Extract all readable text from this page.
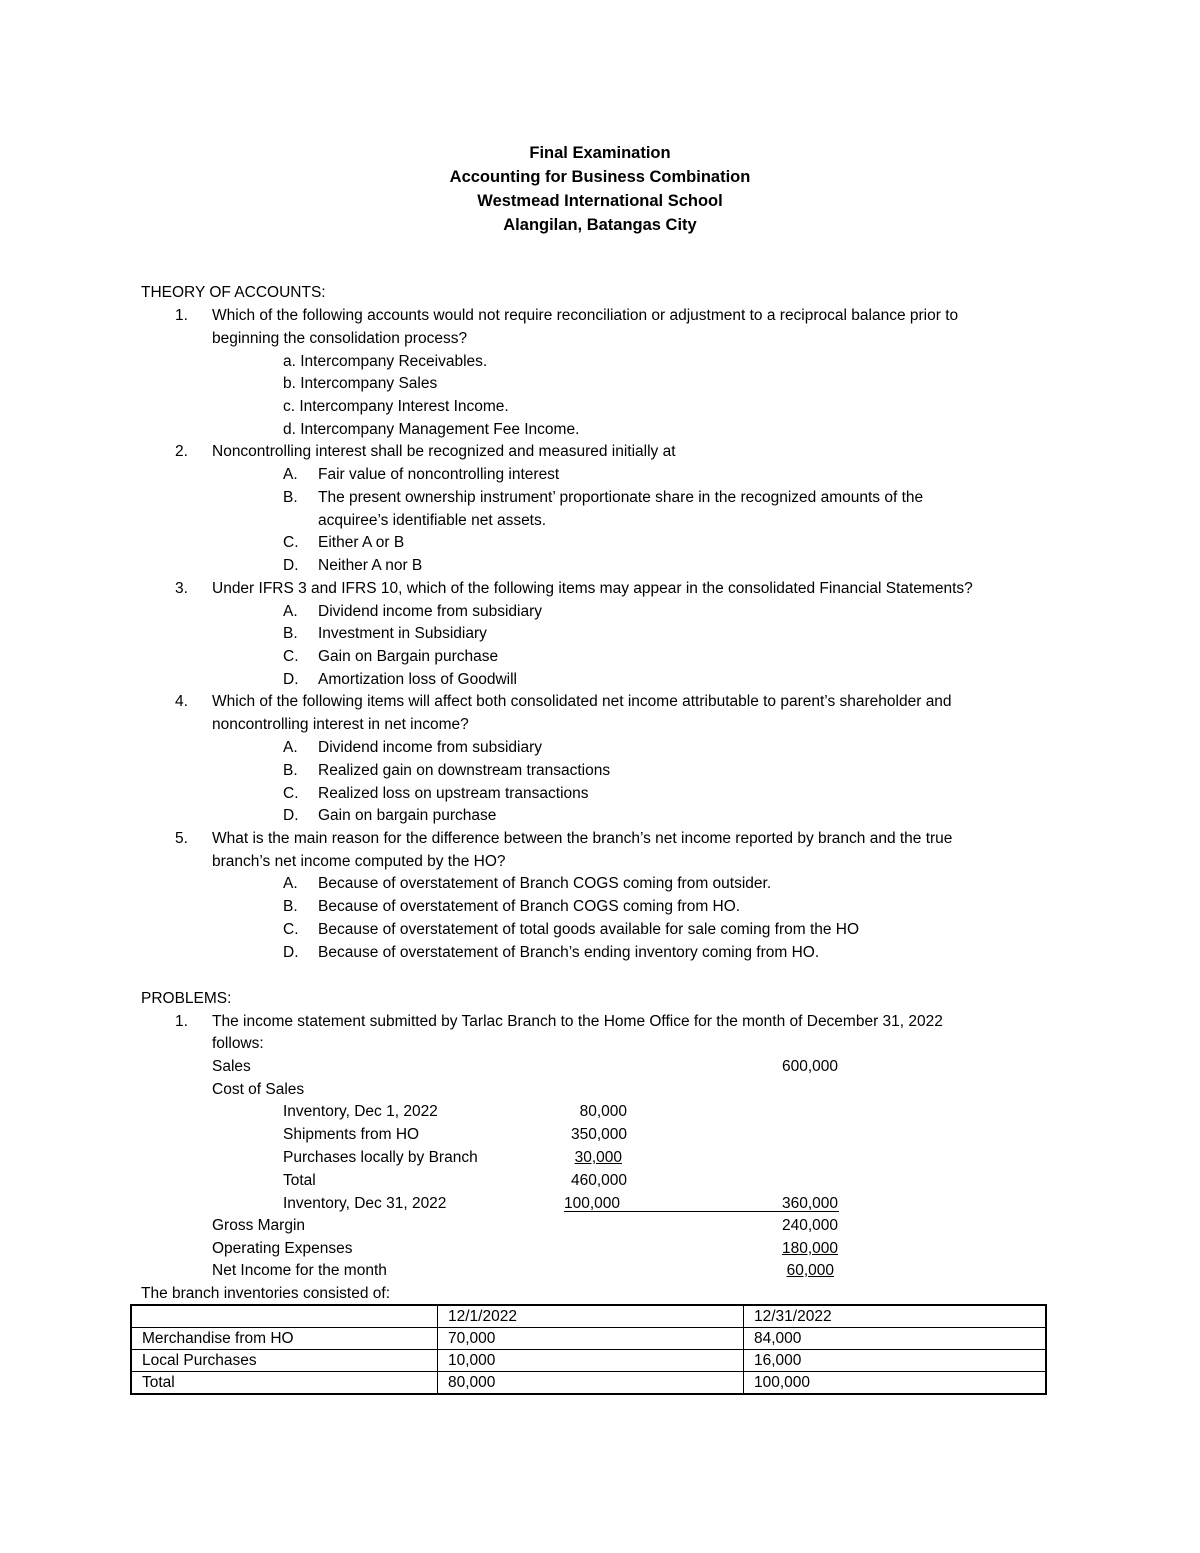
Final Examination
Accounting for Business Combination
Westmead International School
Alangilan, Batangas City
THEORY OF ACCOUNTS:
1. Which of the following accounts would not require reconciliation or adjustment to a reciprocal balance prior to
beginning the consolidation process?
a. Intercompany Receivables.
b. Intercompany Sales
c. Intercompany Interest Income.
d. Intercompany Management Fee Income.
2. Noncontrolling interest shall be recognized and measured initially at
A. Fair value of noncontrolling interest
B. The present ownership instrument’ proportionate share in the recognized amounts of the
acquiree’s identifiable net assets.
C. Either A or B
D. Neither A nor B
3. Under IFRS 3 and IFRS 10, which of the following items may appear in the consolidated Financial Statements?
A. Dividend income from subsidiary
B. Investment in Subsidiary
C. Gain on Bargain purchase
D. Amortization loss of Goodwill
4. Which of the following items will affect both consolidated net income attributable to parent’s shareholder and
noncontrolling interest in net income?
A. Dividend income from subsidiary
B. Realized gain on downstream transactions
C. Realized loss on upstream transactions
D. Gain on bargain purchase
5. What is the main reason for the difference between the branch’s net income reported by branch and the true
branch’s net income computed by the HO?
A. Because of overstatement of Branch COGS coming from outsider.
B. Because of overstatement of Branch COGS coming from HO.
C. Because of overstatement of total goods available for sale coming from the HO
D. Because of overstatement of Branch’s ending inventory coming from HO.
PROBLEMS:
1. The income statement submitted by Tarlac Branch to the Home Office for the month of December 31, 2022
follows:
Sales	600,000
Cost of Sales
Inventory, Dec 1, 2022	80,000
Shipments from HO	350,000
Purchases locally by Branch	30,000
Total	460,000
Inventory, Dec 31, 2022	100,000	360,000
Gross Margin	240,000
Operating Expenses	180,000
Net Income for the month	60,000
The branch inventories consisted of:
	12/1/2022	12/31/2022
Merchandise from HO	70,000	84,000
Local Purchases	10,000	16,000
Total	80,000	100,000
